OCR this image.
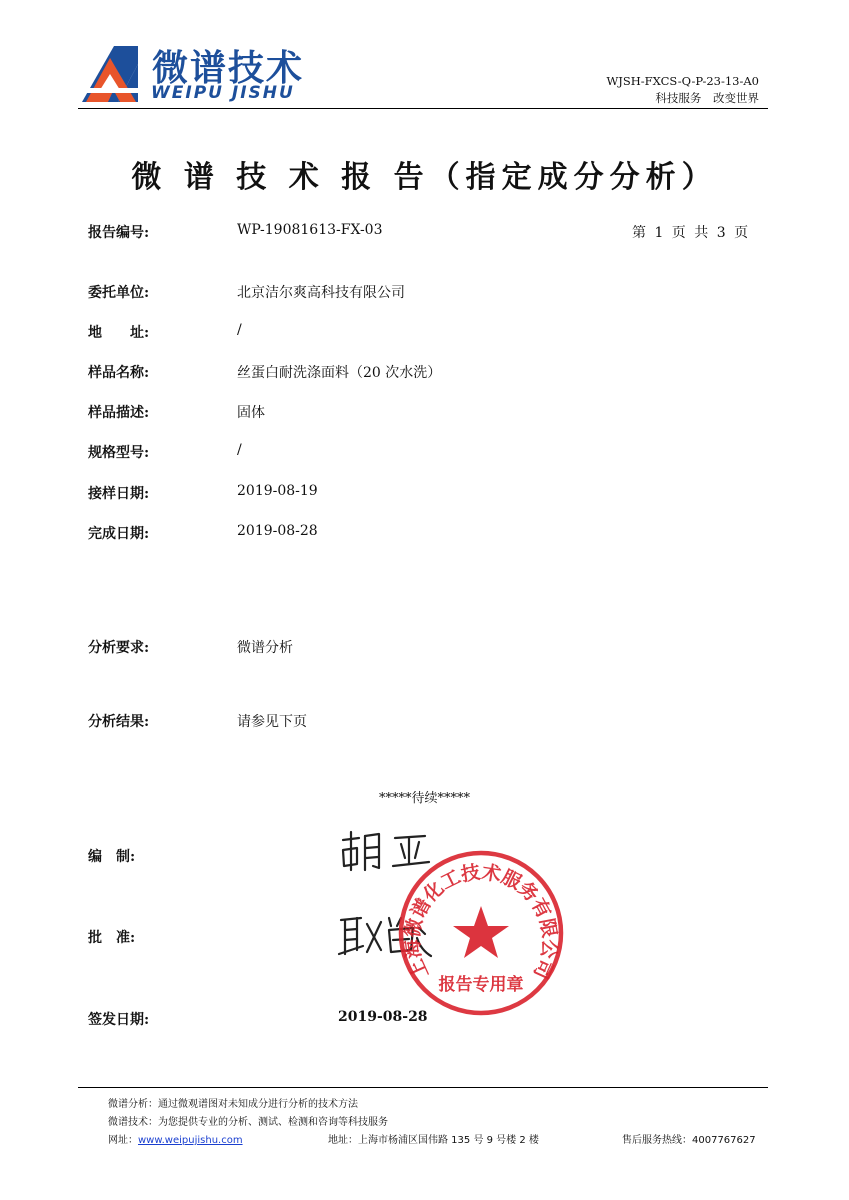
微谱技术
WEIPU JISHU
WJSH-FXCS-Q-P-23-13-A0
科技服务 改变世界
微 谱 技 术 报 告（指定成分分析）
报告编号:	WP-19081613-FX-03	第 1 页 共 3 页
委托单位:	北京洁尔爽高科技有限公司
地　　址:	/
样品名称:	丝蛋白耐洗涤面料（20 次水洗）
样品描述:	固体
规格型号:	/
接样日期:	2019-08-19
完成日期:	2019-08-28
分析要求:	微谱分析
分析结果:	请参见下页
*****待续*****
编　制:
批　准:
上海微谱化工技术服务有限公司
报告专用章
签发日期:	2019-08-28
微谱分析：通过微观谱图对未知成分进行分析的技术方法
微谱技术：为您提供专业的分析、测试、检测和咨询等科技服务
网址：www.weipujishu.com	地址：上海市杨浦区国伟路 135 号 9 号楼 2 楼	售后服务热线：4007767627
